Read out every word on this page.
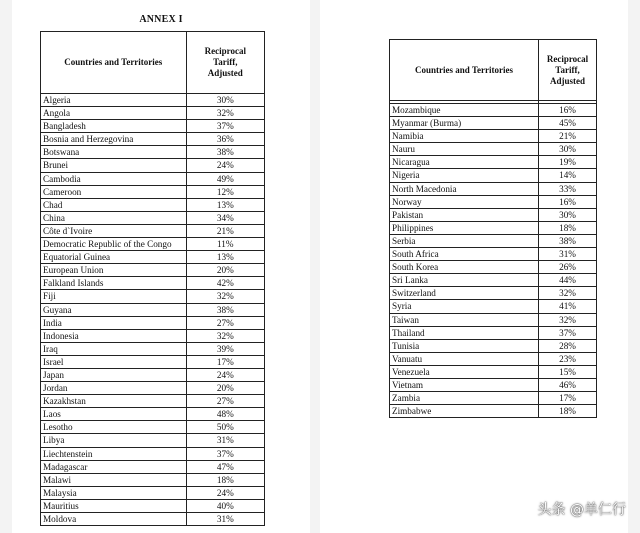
ANNEX I
Countries and Territories	Reciprocal
Tariff,
Adjusted
Algeria	30%
Angola	32%
Bangladesh	37%
Bosnia and Herzegovina	36%
Botswana	38%
Brunei	24%
Cambodia	49%
Cameroon	12%
Chad	13%
China	34%
Côte d`Ivoire	21%
Democratic Republic of the Congo	11%
Equatorial Guinea	13%
European Union	20%
Falkland Islands	42%
Fiji	32%
Guyana	38%
India	27%
Indonesia	32%
Iraq	39%
Israel	17%
Japan	24%
Jordan	20%
Kazakhstan	27%
Laos	48%
Lesotho	50%
Libya	31%
Liechtenstein	37%
Madagascar	47%
Malawi	18%
Malaysia	24%
Mauritius	40%
Moldova	31%
Countries and Territories	Reciprocal
Tariff,
Adjusted

Mozambique	16%
Myanmar (Burma)	45%
Namibia	21%
Nauru	30%
Nicaragua	19%
Nigeria	14%
North Macedonia	33%
Norway	16%
Pakistan	30%
Philippines	18%
Serbia	38%
South Africa	31%
South Korea	26%
Sri Lanka	44%
Switzerland	32%
Syria	41%
Taiwan	32%
Thailand	37%
Tunisia	28%
Vanuatu	23%
Venezuela	15%
Vietnam	46%
Zambia	17%
Zimbabwe	18%
头条 @单仁行
